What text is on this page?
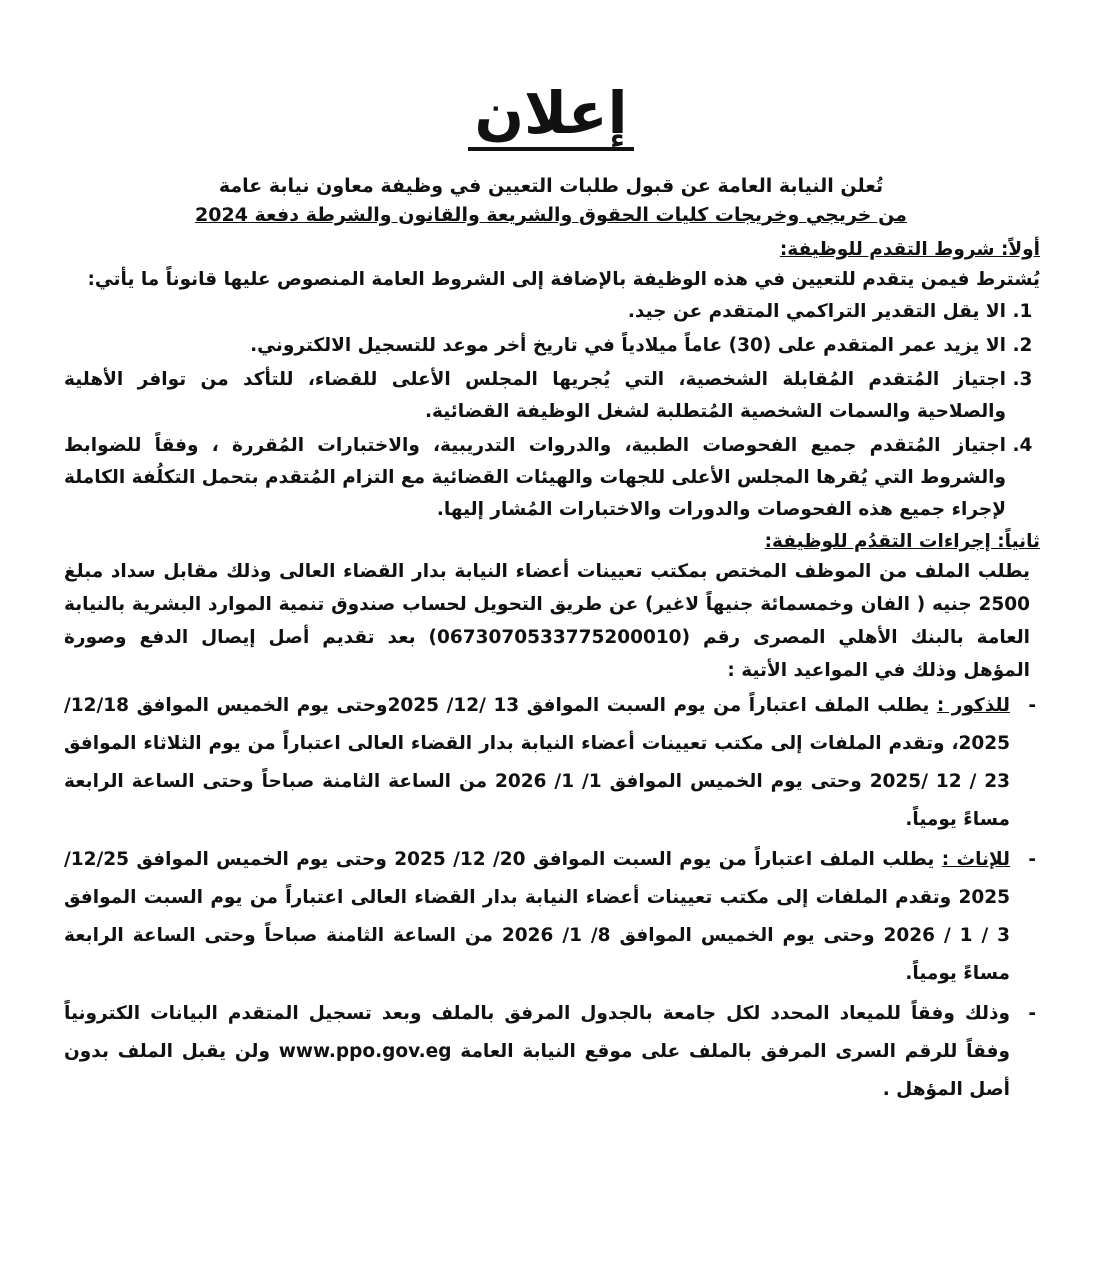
إعلان
تُعلن النيابة العامة عن قبول طلبات التعيين في وظيفة معاون نيابة عامة
من خريجي وخريجات كليات الحقوق والشريعة والقانون والشرطة دفعة 2024
أولاً: شروط التقدم للوظيفة:
يُشترط فيمن يتقدم للتعيين في هذه الوظيفة بالإضافة إلى الشروط العامة المنصوص عليها قانوناً ما يأتي:
1. الا يقل التقدير التراكمي المتقدم عن جيد.
2. الا يزيد عمر المتقدم على (30) عاماً ميلادياً في تاريخ أخر موعد للتسجيل الالكتروني.
3. اجتياز المُتقدم المُقابلة الشخصية، التي يُجريها المجلس الأعلى للقضاء، للتأكد من توافر الأهلية والصلاحية والسمات الشخصية المُتطلبة لشغل الوظيفة القضائية.
4. اجتياز المُتقدم جميع الفحوصات الطبية، والدروات التدريبية، والاختبارات المُقررة ، وفقاً للضوابط والشروط التي يُقرها المجلس الأعلى للجهات والهيئات القضائية مع التزام المُتقدم بتحمل التكلُفة الكاملة لإجراء جميع هذه الفحوصات والدورات والاختبارات المُشار إليها.
ثانياً: إجراءات التقدُم للوظيفة:
يطلب الملف من الموظف المختص بمكتب تعيينات أعضاء النيابة بدار القضاء العالى وذلك مقابل سداد مبلغ 2500 جنيه ( الفان وخمسمائة جنيهاً لاغير) عن طريق التحويل لحساب صندوق تنمية الموارد البشرية بالنيابة العامة بالبنك الأهلي المصرى رقم (0673070533775200010) بعد تقديم أصل إيصال الدفع وصورة المؤهل وذلك في المواعيد الأتية :
- للذكور : يطلب الملف اعتباراً من يوم السبت الموافق 13 /12/ 2025وحتى يوم الخميس الموافق 12/18/ 2025، وتقدم الملفات إلى مكتب تعيينات أعضاء النيابة بدار القضاء العالى اعتباراً من يوم الثلاثاء الموافق 23 / 12 /2025 وحتى يوم الخميس الموافق 1/ 1/ 2026 من الساعة الثامنة صباحاً وحتى الساعة الرابعة مساءً يومياً.
- للإناث : يطلب الملف اعتباراً من يوم السبت الموافق 20/ 12/ 2025 وحتى يوم الخميس الموافق 12/25/ 2025 وتقدم الملفات إلى مكتب تعيينات أعضاء النيابة بدار القضاء العالى اعتباراً من يوم السبت الموافق 3 / 1 / 2026 وحتى يوم الخميس الموافق 8/ 1/ 2026 من الساعة الثامنة صباحاً وحتى الساعة الرابعة مساءً يومياً.
- وذلك وفقاً للميعاد المحدد لكل جامعة بالجدول المرفق بالملف وبعد تسجيل المتقدم البيانات الكترونياً وفقاً للرقم السرى المرفق بالملف على موقع النيابة العامة www.ppo.gov.eg ولن يقبل الملف بدون أصل المؤهل .
